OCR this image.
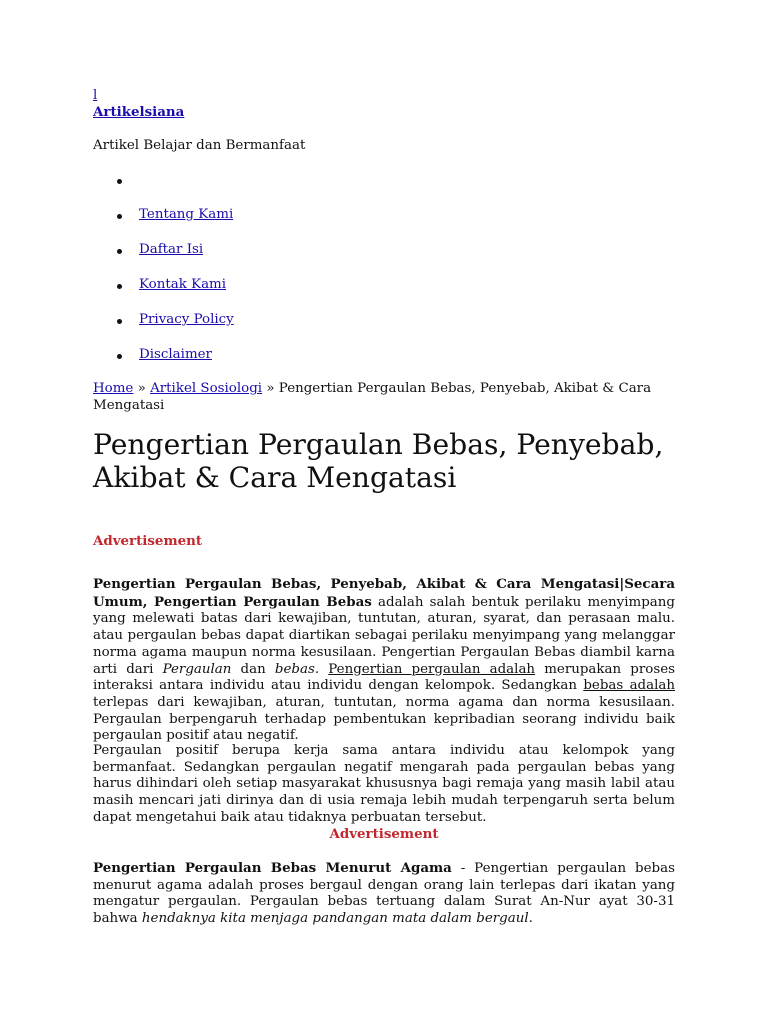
l
Artikelsiana
Artikel Belajar dan Bermanfaat
Tentang Kami
Daftar Isi
Kontak Kami
Privacy Policy
Disclaimer
Home » Artikel Sosiologi » Pengertian Pergaulan Bebas, Penyebab, Akibat & Cara Mengatasi
Pengertian Pergaulan Bebas, Penyebab, Akibat & Cara Mengatasi
Advertisement

Pengertian Pergaulan Bebas, Penyebab, Akibat & Cara Mengatasi|Secara Umum, Pengertian Pergaulan Bebas adalah salah bentuk perilaku menyimpang yang melewati batas dari kewajiban, tuntutan, aturan, syarat, dan perasaan malu. atau pergaulan bebas dapat diartikan sebagai perilaku menyimpang yang melanggar norma agama maupun norma kesusilaan. Pengertian Pergaulan Bebas diambil karna arti dari Pergaulan dan bebas. Pengertian pergaulan adalah merupakan proses interaksi antara individu atau individu dengan kelompok. Sedangkan bebas adalah terlepas dari kewajiban, aturan, tuntutan, norma agama dan norma kesusilaan. Pergaulan berpengaruh terhadap pembentukan kepribadian seorang individu baik pergaulan positif atau negatif.

Pergaulan positif berupa kerja sama antara individu atau kelompok yang bermanfaat. Sedangkan pergaulan negatif mengarah pada pergaulan bebas yang harus dihindari oleh setiap masyarakat khususnya bagi remaja yang masih labil atau masih mencari jati dirinya dan di usia remaja lebih mudah terpengaruh serta belum dapat mengetahui baik atau tidaknya perbuatan tersebut.

Advertisement

Pengertian Pergaulan Bebas Menurut Agama - Pengertian pergaulan bebas menurut agama adalah proses bergaul dengan orang lain terlepas dari ikatan yang mengatur pergaulan. Pergaulan bebas tertuang dalam Surat An-Nur ayat 30-31 bahwa hendaknya kita menjaga pandangan mata dalam bergaul.
